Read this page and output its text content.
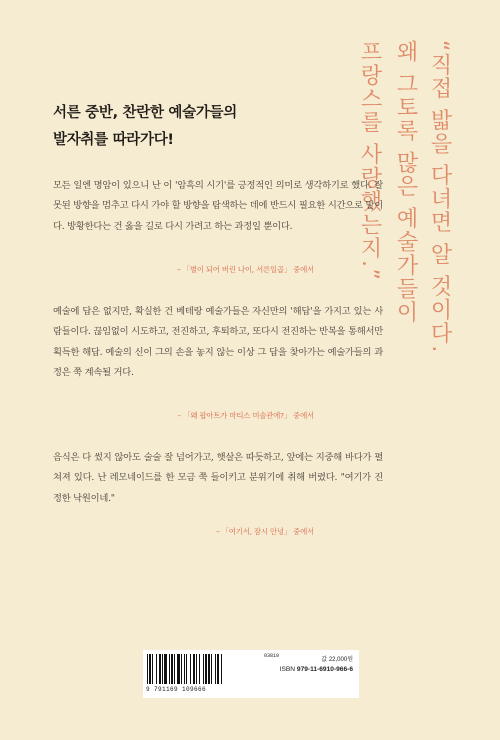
“직접 밟을 다녀면 알 것이다.
왜 그토록 많은 예술가들이
프랑스를 사랑했는지.”
서른 중반, 찬란한 예술가들의
발자취를 따라가다!
모든 일엔 명암이 있으니 난 이 '암흑의 시기'를 긍정적인 의미로 생각하기로 했다. 잘못된 방향을 멈추고 다시 가야 할 방향을 탐색하는 데에 반드시 필요한 시간으로 말이다. 방황한다는 건 옳을 길로 다시 가려고 하는 과정일 뿐이다.
– 「별이 되어 버린 나이, 서른일곱」 중에서
예술에 답은 없지만, 확실한 건 베테랑 예술가들은 자신만의 '해답'을 가지고 있는 사람들이다. 끊임없이 시도하고, 전진하고, 후퇴하고, 또다시 전진하는 반복을 통해서만 획득한 해답. 예술의 신이 그의 손을 놓지 않는 이상 그 답을 찾아가는 예술가들의 과정은 쭉 계속될 거다.
– 「왜 팝아트가 마티스 미술관에?」 중에서
음식은 다 썼지 않아도 술술 잘 넘어가고, 햇살은 따듯하고, 앞에는 지중해 바다가 펼쳐져 있다. 난 레모네이드를 한 모금 쭉 들이키고 분위기에 취해 버렸다. "여기가 진정한 낙원이네."
– 「여기서, 잠시 안녕」 중에서
03810
9 791169 109666
값 22,000원
ISBN 979-11-6910-966-6
